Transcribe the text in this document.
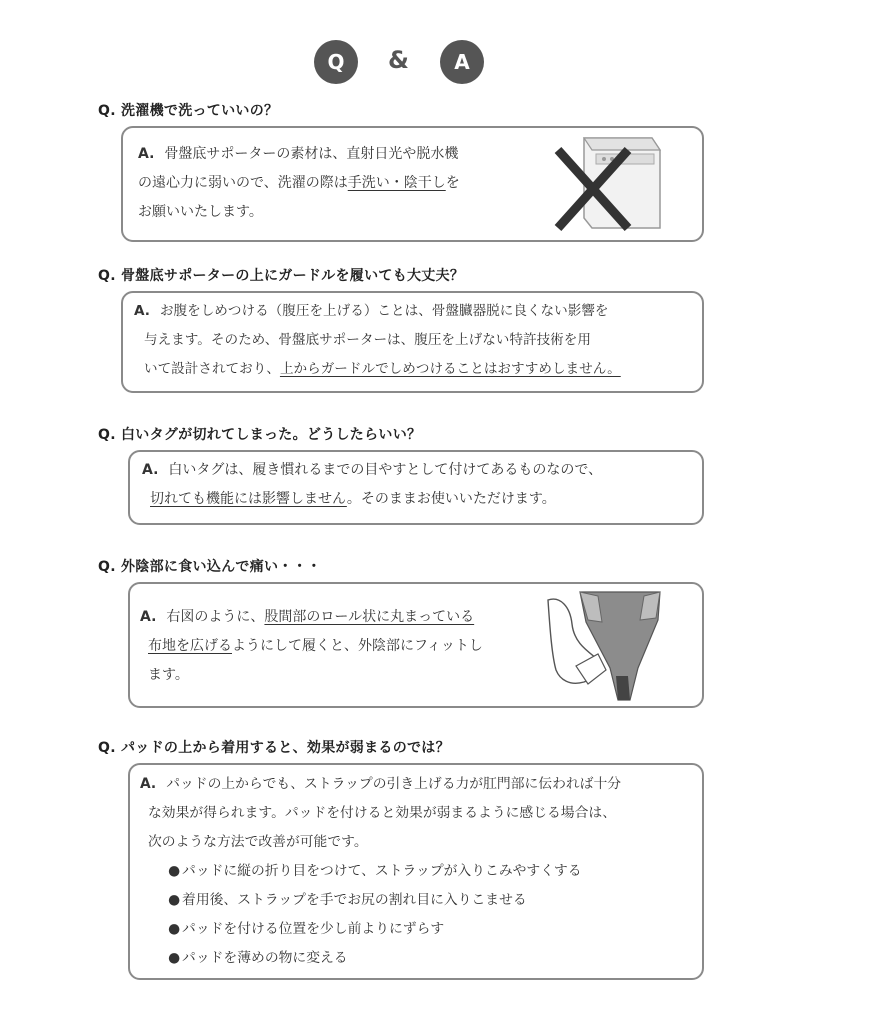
Q	&	A
Q. 洗濯機で洗っていいの？
A. 骨盤底サポーターの素材は、直射日光や脱水機
の遠心力に弱いので、洗濯の際は手洗い・陰干しを
お願いいたします。
Q. 骨盤底サポーターの上にガードルを履いても大丈夫？
A. お腹をしめつける（腹圧を上げる）ことは、骨盤臓器脱に良くない影響を
与えます。そのため、骨盤底サポーターは、腹圧を上げない特許技術を用
いて設計されており、上からガードルでしめつけることはおすすめしません。
Q. 白いタグが切れてしまった。どうしたらいい？
A. 白いタグは、履き慣れるまでの目やすとして付けてあるものなので、
切れても機能には影響しません。そのままお使いいただけます。
Q. 外陰部に食い込んで痛い・・・
A. 右図のように、股間部のロール状に丸まっている
布地を広げるようにして履くと、外陰部にフィットし
ます。
Q. パッドの上から着用すると、効果が弱まるのでは？
A. パッドの上からでも、ストラップの引き上げる力が肛門部に伝われば十分
な効果が得られます。パッドを付けると効果が弱まるように感じる場合は、
次のような方法で改善が可能です。
● パッドに縦の折り目をつけて、ストラップが入りこみやすくする
● 着用後、ストラップを手でお尻の割れ目に入りこませる
● パッドを付ける位置を少し前よりにずらす
● パッドを薄めの物に変える
